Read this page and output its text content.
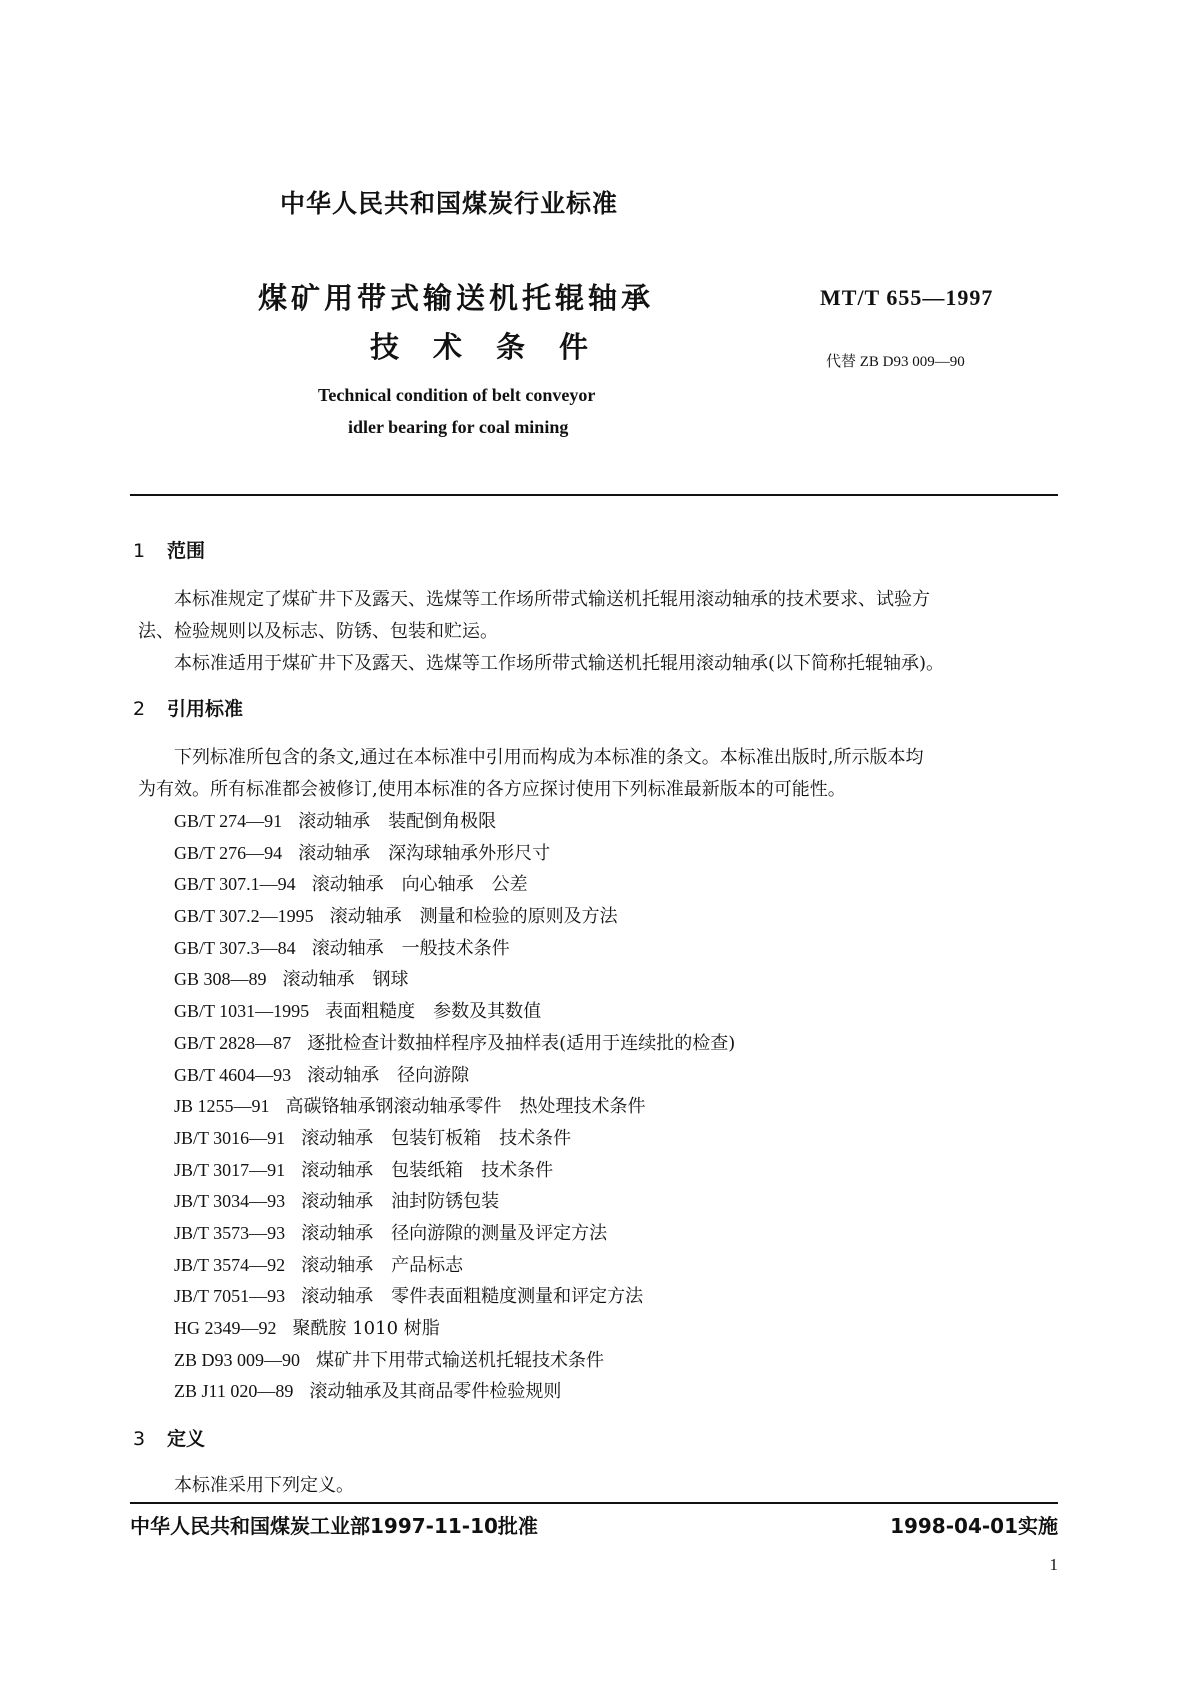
中华人民共和国煤炭行业标准
煤矿用带式输送机托辊轴承
技术条件
MT/T 655—1997
代替 ZB D93 009—90
Technical condition of belt conveyor
idler bearing for coal mining
1 范围
本标准规定了煤矿井下及露天、选煤等工作场所带式输送机托辊用滚动轴承的技术要求、试验方
法、检验规则以及标志、防锈、包装和贮运。
本标准适用于煤矿井下及露天、选煤等工作场所带式输送机托辊用滚动轴承(以下简称托辊轴承)。
2 引用标准
下列标准所包含的条文,通过在本标准中引用而构成为本标准的条文。本标准出版时,所示版本均
为有效。所有标准都会被修订,使用本标准的各方应探讨使用下列标准最新版本的可能性。
GB/T 274—91 滚动轴承　装配倒角极限
GB/T 276—94 滚动轴承　深沟球轴承外形尺寸
GB/T 307.1—94 滚动轴承　向心轴承　公差
GB/T 307.2—1995 滚动轴承　测量和检验的原则及方法
GB/T 307.3—84 滚动轴承　一般技术条件
GB 308—89 滚动轴承　钢球
GB/T 1031—1995 表面粗糙度　参数及其数值
GB/T 2828—87 逐批检查计数抽样程序及抽样表(适用于连续批的检查)
GB/T 4604—93 滚动轴承　径向游隙
JB 1255—91 高碳铬轴承钢滚动轴承零件　热处理技术条件
JB/T 3016—91 滚动轴承　包装钉板箱　技术条件
JB/T 3017—91 滚动轴承　包装纸箱　技术条件
JB/T 3034—93 滚动轴承　油封防锈包装
JB/T 3573—93 滚动轴承　径向游隙的测量及评定方法
JB/T 3574—92 滚动轴承　产品标志
JB/T 7051—93 滚动轴承　零件表面粗糙度测量和评定方法
HG 2349—92 聚酰胺 1010 树脂
ZB D93 009—90 煤矿井下用带式输送机托辊技术条件
ZB J11 020—89 滚动轴承及其商品零件检验规则
3 定义
本标准采用下列定义。
中华人民共和国煤炭工业部1997-11-10批准	1998-04-01实施
1
